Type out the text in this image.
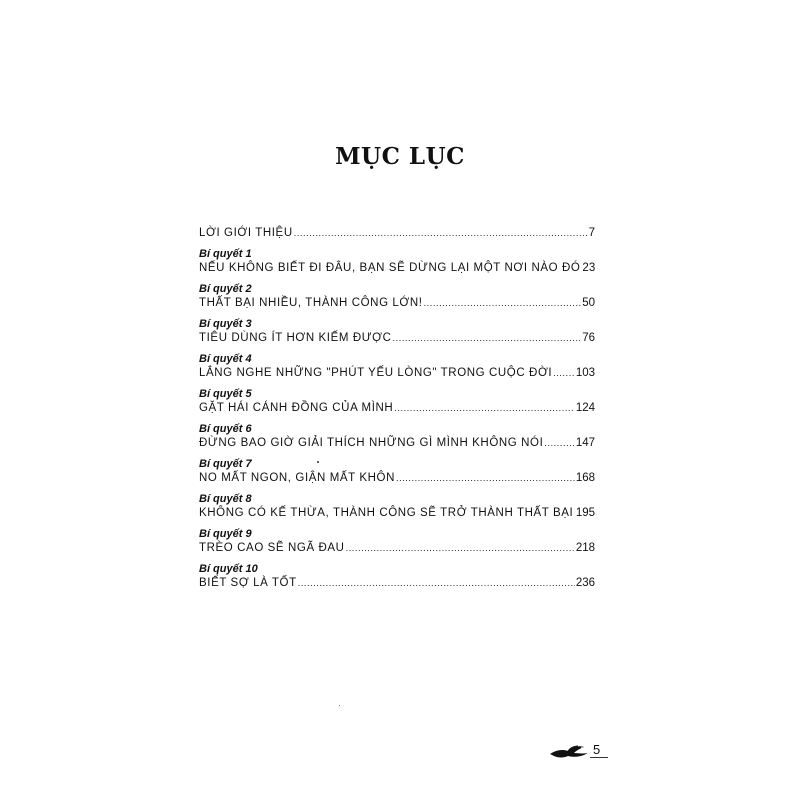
MỤC LỤC
LỜI GIỚI THIỆU .....	7
Bí quyết 1
NẾU KHÔNG BIẾT ĐI ĐÂU, BẠN SẼ DỪNG LẠI MỘT NƠI NÀO ĐÓ 23
Bí quyết 2
THẤT BẠI NHIỀU, THÀNH CÔNG LỚN! .....	50
Bí quyết 3
TIÊU DÙNG ÍT HƠN KIẾM ĐƯỢC .....	76
Bí quyết 4
LẮNG NGHE NHỮNG "PHÚT YẾU LÒNG" TRONG CUỘC ĐỜI ..... 103
Bí quyết 5
GẶT HÁI CÁNH ĐỒNG CỦA MÌNH .....	124
Bí quyết 6
ĐỪNG BAO GIỜ GIẢI THÍCH NHỮNG GÌ MÌNH KHÔNG NÓI .....	147
Bí quyết 7
NO MẤT NGON, GIẬN MẤT KHÔN .....	168
Bí quyết 8
KHÔNG CÓ KẾ THỪA, THÀNH CÔNG SẼ TRỞ THÀNH THẤT BẠI ..... 195
Bí quyết 9
TRÈO CAO SẼ NGÃ ĐAU .....	218
Bí quyết 10
BIẾT SỢ LÀ TỐT .....	236
5
